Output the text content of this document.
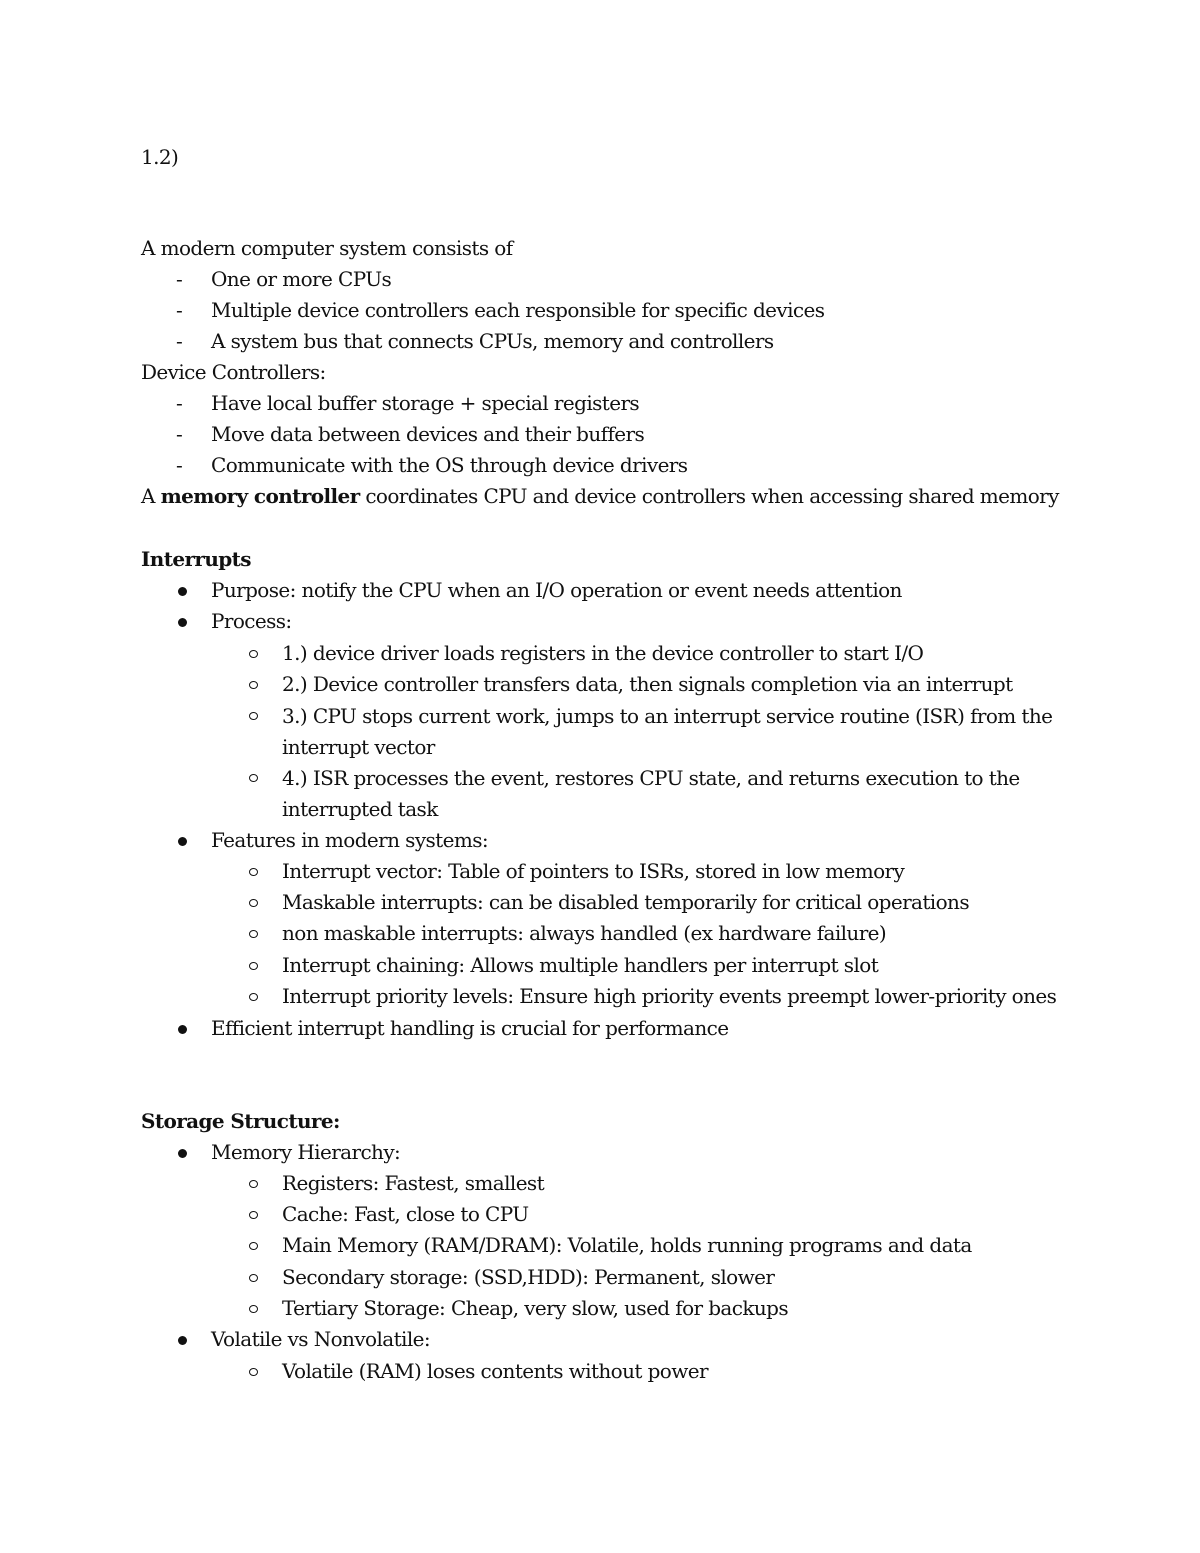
1.2)
A modern computer system consists of
- One or more CPUs
- Multiple device controllers each responsible for specific devices
- A system bus that connects CPUs, memory and controllers
Device Controllers:
- Have local buffer storage + special registers
- Move data between devices and their buffers
- Communicate with the OS through device drivers
A memory controller coordinates CPU and device controllers when accessing shared memory
Interrupts
Purpose: notify the CPU when an I/O operation or event needs attention
Process:
1.) device driver loads registers in the device controller to start I/O
2.) Device controller transfers data, then signals completion via an interrupt
3.) CPU stops current work, jumps to an interrupt service routine (ISR) from the
interrupt vector
4.) ISR processes the event, restores CPU state, and returns execution to the
interrupted task
Features in modern systems:
Interrupt vector: Table of pointers to ISRs, stored in low memory
Maskable interrupts: can be disabled temporarily for critical operations
non maskable interrupts: always handled (ex hardware failure)
Interrupt chaining: Allows multiple handlers per interrupt slot
Interrupt priority levels: Ensure high priority events preempt lower-priority ones
Efficient interrupt handling is crucial for performance
Storage Structure:
Memory Hierarchy:
Registers: Fastest, smallest
Cache: Fast, close to CPU
Main Memory (RAM/DRAM): Volatile, holds running programs and data
Secondary storage: (SSD,HDD): Permanent, slower
Tertiary Storage: Cheap, very slow, used for backups
Volatile vs Nonvolatile:
Volatile (RAM) loses contents without power
